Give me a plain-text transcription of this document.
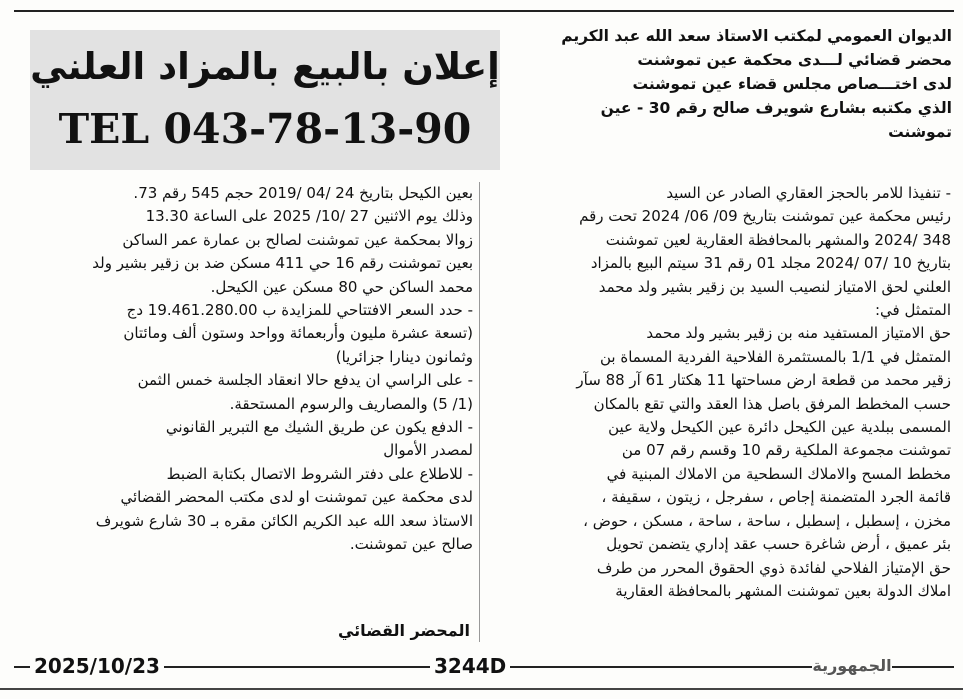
الديوان العمومي لمكتب الاستاذ سعد الله عبد الكريم
محضر قضائي لـــدى محكمة عين تموشنت
لدى اختـــصاص مجلس قضاء عين تموشنت
الذي مكتبه بشارع شويرف صالح رقم 30 - عين
تموشنت
إعلان بالبيع بالمزاد العلني
TEL 043-78-13-90

- تنفيذا للامر بالحجز العقاري الصادر عن السيد

رئيس محكمة عين تموشنت بتاريخ 09/ 06/ 2024 تحت رقم

348 /2024 والمشهر بالمحافظة العقارية لعين تموشنت

بتاريخ 10 /07 /2024 مجلد 01 رقم 31 سيتم البيع بالمزاد

العلني لحق الامتياز لنصيب السيد بن زقير بشير ولد محمد

المتمثل في:

حق الامتياز المستفيد منه بن زقير بشير ولد محمد

المتمثل في 1/1 بالمستثمرة الفلاحية الفردية المسماة بن

زقير محمد من قطعة ارض مساحتها 11 هكتار 61 آر 88 سآر

حسب المخطط المرفق باصل هذا العقد والتي تقع بالمكان

المسمى ببلدية عين الكيحل دائرة عين الكيحل ولاية عين

تموشنت مجموعة الملكية رقم 10 وقسم رقم 07 من

مخطط المسح والاملاك السطحية من الاملاك المبنية في

قائمة الجرد المتضمنة إجاص ، سفرجل ، زيتون ، سقيفة ،

مخزن ، إسطبل ، إسطبل ، ساحة ، ساحة ، مسكن ، حوض ،

بئر عميق ، أرض شاغرة حسب عقد إداري يتضمن تحويل

حق الإمتياز الفلاحي لفائدة ذوي الحقوق المحرر من طرف

املاك الدولة بعين تموشنت المشهر بالمحافظة العقارية

بعين الكيحل بتاريخ 24 /04 /2019 حجم 545 رقم 73.

وذلك يوم الاثنين 27 /10/ 2025 على الساعة 13.30

زوالا بمحكمة عين تموشنت لصالح بن عمارة عمر الساكن

بعين تموشنت رقم 16 حي 411 مسكن ضد بن زقير بشير ولد

محمد الساكن حي 80 مسكن عين الكيحل.

- حدد السعر الافتتاحي للمزايدة ب 19.461.280.00 دج

(تسعة عشرة مليون وأربعمائة وواحد وستون ألف ومائتان

وثمانون دينارا جزائريا)

- على الراسي ان يدفع حالا انعقاد الجلسة خمس الثمن

(1/ 5) والمصاريف والرسوم المستحقة.

- الدفع يكون عن طريق الشيك مع التبرير القانوني

لمصدر الأموال

- للاطلاع على دفتر الشروط الاتصال بكتابة الضبط

لدى محكمة عين تموشنت او لدى مكتب المحضر القضائي

الاستاذ سعد الله عبد الكريم الكائن مقره بـ 30 شارع شويرف

صالح عين تموشنت.

المحضر القضائي
2025/10/23	3244D	الجمهورية
